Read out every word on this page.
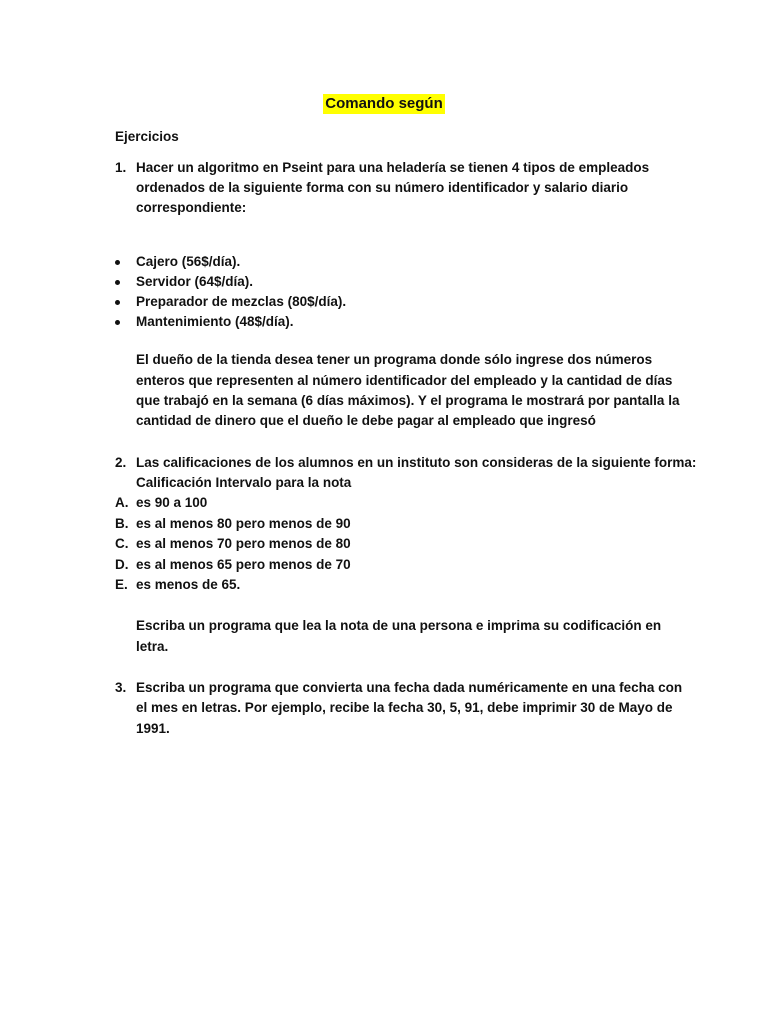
Comando según
Ejercicios
1. Hacer un algoritmo en Pseint para una heladería se tienen 4 tipos de empleados
ordenados de la siguiente forma con su número identificador y salario diario
correspondiente:
Cajero (56$/día).
Servidor (64$/día).
Preparador de mezclas (80$/día).
Mantenimiento (48$/día).
El dueño de la tienda desea tener un programa donde sólo ingrese dos números
enteros que representen al número identificador del empleado y la cantidad de días
que trabajó en la semana (6 días máximos). Y el programa le mostrará por pantalla la
cantidad de dinero que el dueño le debe pagar al empleado que ingresó
2. Las calificaciones de los alumnos en un instituto son consideras de la siguiente forma:
Calificación Intervalo para la nota
A. es 90 a 100
B. es al menos 80 pero menos de 90
C. es al menos 70 pero menos de 80
D. es al menos 65 pero menos de 70
E. es menos de 65.
Escriba un programa que lea la nota de una persona e imprima su codificación en
letra.
3. Escriba un programa que convierta una fecha dada numéricamente en una fecha con
el mes en letras. Por ejemplo, recibe la fecha 30, 5, 91, debe imprimir 30 de Mayo de
1991.
